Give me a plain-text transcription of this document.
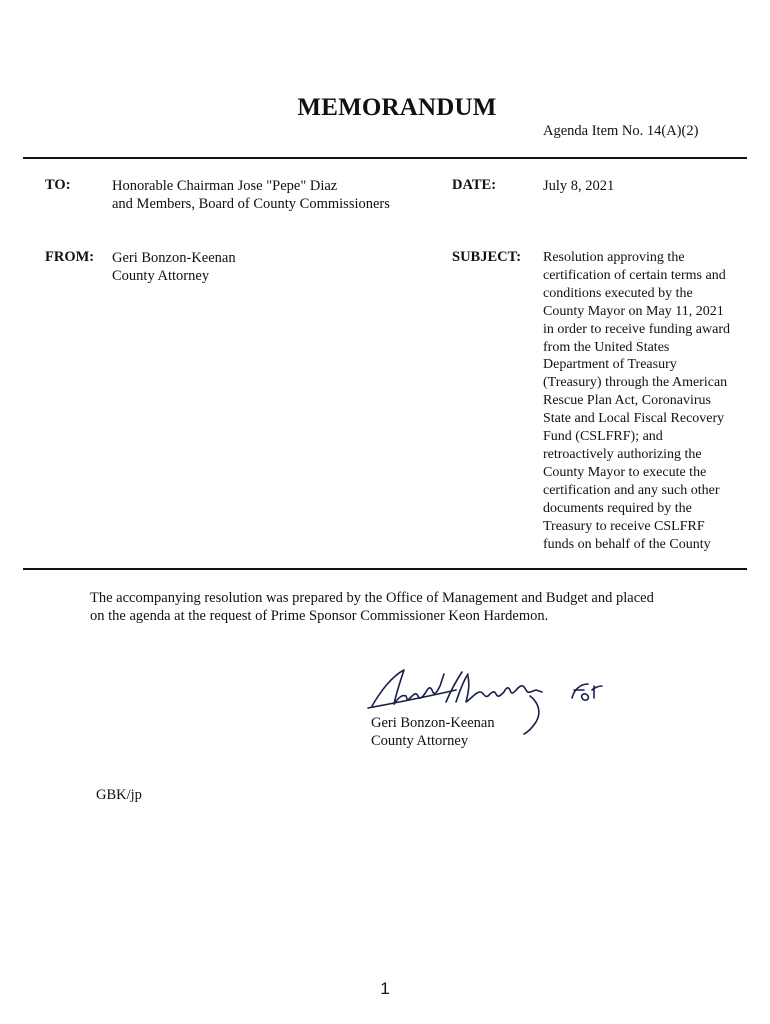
MEMORANDUM
Agenda Item No. 14(A)(2)
TO:	Honorable Chairman Jose "Pepe" Diaz
and Members, Board of County Commissioners
DATE:	July 8, 2021
FROM: Geri Bonzon-Keenan
County Attorney
SUBJECT: Resolution approving the
certification of certain terms and
conditions executed by the
County Mayor on May 11, 2021
in order to receive funding award
from the United States
Department of Treasury
(Treasury) through the American
Rescue Plan Act, Coronavirus
State and Local Fiscal Recovery
Fund (CSLFRF); and
retroactively authorizing the
County Mayor to execute the
certification and any such other
documents required by the
Treasury to receive CSLFRF
funds on behalf of the County
The accompanying resolution was prepared by the Office of Management and Budget and placed
on the agenda at the request of Prime Sponsor Commissioner Keon Hardemon.
Geri Bonzon-Keenan
County Attorney
GBK/jp
1
